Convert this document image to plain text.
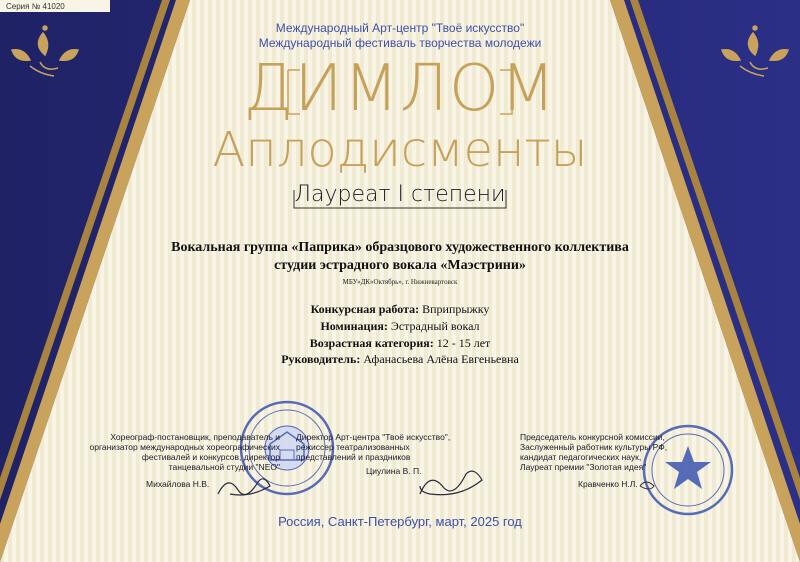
Серия № 41020
Международный Арт-центр "Твоё искусство"
Международный фестиваль творчества молодежи
ДИМЛОМ
Аплодисменты
Лауреат I степени
Вокальная группа «Паприка» образцового художественного коллектива
студии эстрадного вокала «Маэстрини»
МБУ»ДК»Октябрь», г. Нижневартовск
Конкурсная работа: Вприпрыжку
Номинация: Эстрадный вокал
Возрастная категория: 12 - 15 лет
Руководитель: Афанасьева Алёна Евгеньевна
Хореограф-постановщик, преподаватель и
организатор международных хореографических
фестивалей и конкурсов, директор
танцевальной студии "NEO"
Директор Арт-центра "Твоё искусство",
режиссер театрализованных
представлений и праздников
Председатель конкурсной комиссии,
Заслуженный работник культуры РФ,
кандидат педагогических наук,
Лауреат премии "Золотая идея"
Михайлова Н.В.
Циулина В. П.
Кравченко Н.Л.
Россия, Санкт-Петербург, март, 2025 год
